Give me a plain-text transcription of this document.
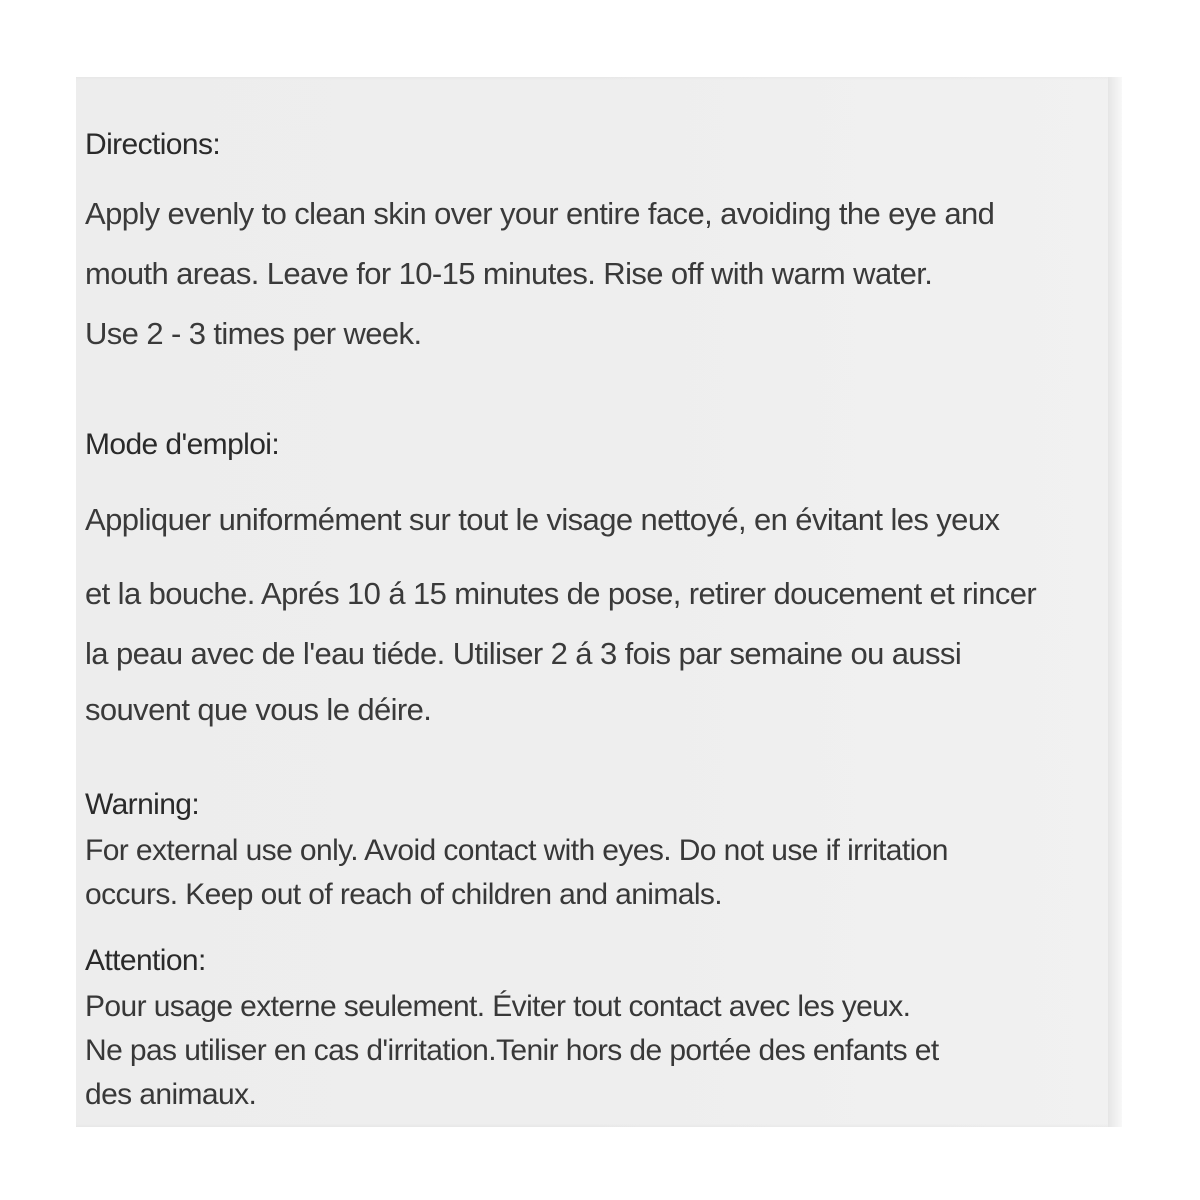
Directions:

Apply evenly to clean skin over your entire face, avoiding the eye and

mouth areas. Leave for 10-15 minutes. Rise off with warm water.

Use 2 - 3 times per week.

Mode d'emploi:

Appliquer uniformément sur tout le visage nettoyé, en évitant les yeux

et la bouche. Aprés 10 á 15 minutes de pose, retirer doucement et rincer

la peau avec de l'eau tiéde. Utiliser 2 á 3 fois par semaine ou aussi

souvent que vous le déire.

Warning:

For external use only. Avoid contact with eyes. Do not use if irritation

occurs. Keep out of reach of children and animals.

Attention:

Pour usage externe seulement. Éviter tout contact avec les yeux.

Ne pas utiliser en cas d'irritation.Tenir hors de portée des enfants et

des animaux.
